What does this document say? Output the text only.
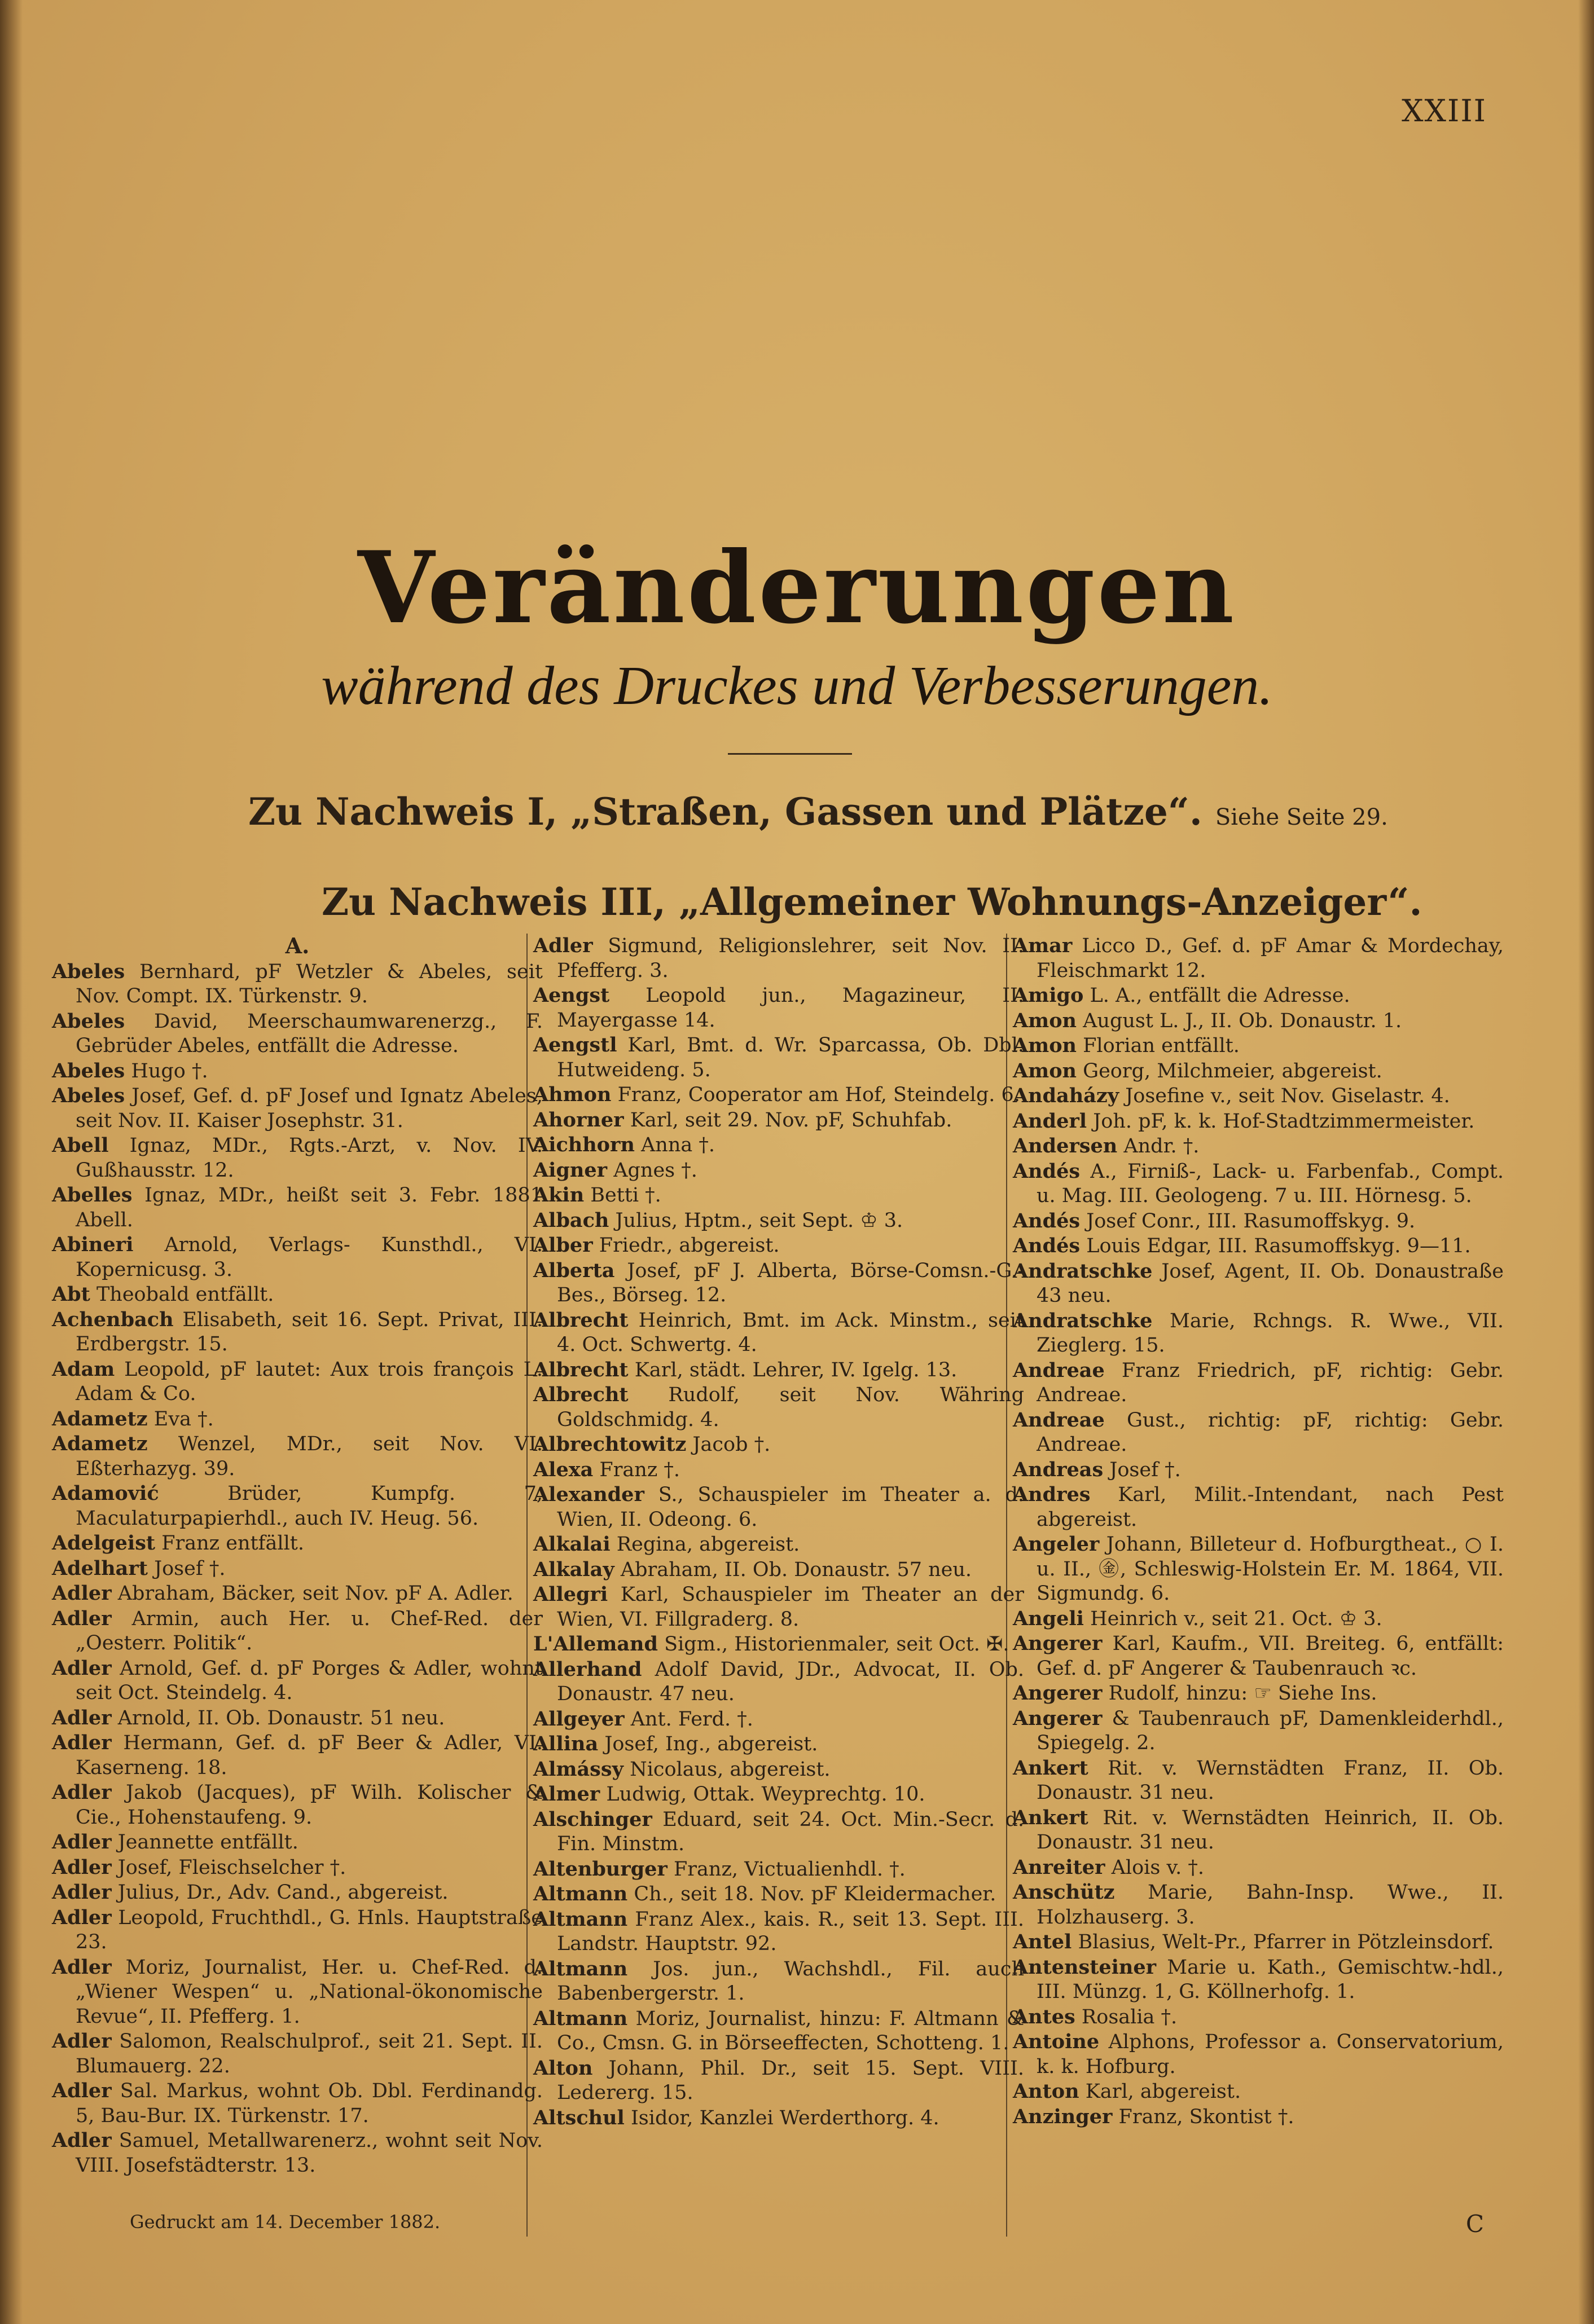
XXIII
Veränderungen
während des Druckes und Verbesserungen.
Zu Nachweis I, „Straßen, Gassen und Plätze“. Siehe Seite 29.
Zu Nachweis III, „Allgemeiner Wohnungs-Anzeiger“.
A.
Abeles Bernhard, pF Wetzler & Abeles, seit Nov. Compt. IX. Türkenstr. 9.
Abeles David, Meerschaumwarenerzg., F. Gebrüder Abeles, entfällt die Adresse.
Abeles Hugo †.
Abeles Josef, Gef. d. pF Josef und Ignatz Abeles, seit Nov. II. Kaiser Josephstr. 31.
Abell Ignaz, MDr., Rgts.-Arzt, v. Nov. IV. Gußhausstr. 12.
Abelles Ignaz, MDr., heißt seit 3. Febr. 1881 Abell.
Abineri Arnold, Verlags- Kunsthdl., VI. Kopernicusg. 3.
Abt Theobald entfällt.
Achenbach Elisabeth, seit 16. Sept. Privat, III. Erdbergstr. 15.
Adam Leopold, pF lautet: Aux trois françois L. Adam & Co.
Adametz Eva †.
Adametz Wenzel, MDr., seit Nov. VI. Eßterhazyg. 39.
Adamović	Brüder, Kumpfg. 7, Maculaturpapierhdl., auch IV. Heug. 56.
Adelgeist Franz entfällt.
Adelhart Josef †.
Adler Abraham, Bäcker, seit Nov. pF A. Adler.
Adler Armin, auch Her. u. Chef-Red. der „Oesterr. Politik“.
Adler Arnold, Gef. d. pF Porges & Adler, wohnt seit Oct. Steindelg. 4.
Adler Arnold, II. Ob. Donaustr. 51 neu.
Adler Hermann, Gef. d. pF Beer & Adler, VI. Kaserneng. 18.
Adler Jakob (Jacques), pF Wilh. Kolischer & Cie., Hohenstaufeng. 9.
Adler Jeannette entfällt.
Adler Josef, Fleischselcher †.
Adler Julius, Dr., Adv. Cand., abgereist.
Adler Leopold, Fruchthdl., G. Hnls. Hauptstraße 23.
Adler Moriz, Journalist, Her. u. Chef-Red. d. „Wiener Wespen“ u. „National-ökonomische Revue“, II. Pfefferg. 1.
Adler Salomon, Realschulprof., seit 21. Sept. II. Blumauerg. 22.
Adler Sal. Markus, wohnt Ob. Dbl. Ferdinandg. 5, Bau-Bur. IX. Türkenstr. 17.
Adler Samuel, Metallwarenerz., wohnt seit Nov. VIII. Josefstädterstr. 13.
Adler Sigmund, Religionslehrer, seit Nov. II. Pfefferg. 3.
Aengst Leopold jun., Magazineur, II. Mayergasse 14.
Aengstl Karl, Bmt. d. Wr. Sparcassa, Ob. Dbl. Hutweideng. 5.
Ahmon Franz, Cooperator am Hof, Steindelg. 6.
Ahorner Karl, seit 29. Nov. pF, Schuhfab.
Aichhorn Anna †.
Aigner Agnes †.
Akin Betti †.
Albach Julius, Hptm., seit Sept. ♔ 3.
Alber Friedr., abgereist.
Alberta Josef, pF J. Alberta, Börse-Comsn.-G.-Bes., Börseg. 12.
Albrecht Heinrich, Bmt. im Ack. Minstm., seit 4. Oct. Schwertg. 4.
Albrecht Karl, städt. Lehrer, IV. Igelg. 13.
Albrecht Rudolf, seit Nov. Währing Goldschmidg. 4.
Albrechtowitz Jacob †.
Alexa Franz †.
Alexander S., Schauspieler im Theater a. d. Wien, II. Odeong. 6.
Alkalai Regina, abgereist.
Alkalay Abraham, II. Ob. Donaustr. 57 neu.
Allegri Karl, Schauspieler im Theater an der Wien, VI. Fillgraderg. 8.
L'Allemand Sigm., Historienmaler, seit Oct. ✠.
Allerhand Adolf David, JDr., Advocat, II. Ob. Donaustr. 47 neu.
Allgeyer Ant. Ferd. †.
Allina Josef, Ing., abgereist.
Almássy Nicolaus, abgereist.
Almer Ludwig, Ottak. Weyprechtg. 10.
Alschinger Eduard, seit 24. Oct. Min.-Secr. d. Fin. Minstm.
Altenburger Franz, Victualienhdl. †.
Altmann Ch., seit 18. Nov. pF Kleidermacher.
Altmann Franz Alex., kais. R., seit 13. Sept. III. Landstr. Hauptstr. 92.
Altmann Jos. jun., Wachshdl., Fil. auch Babenbergerstr. 1.
Altmann Moriz, Journalist, hinzu: F. Altmann & Co., Cmsn. G. in Börseeffecten, Schotteng. 1.
Alton Johann, Phil. Dr., seit 15. Sept. VIII. Ledererg. 15.
Altschul Isidor, Kanzlei Werderthorg. 4.
Amar Licco D., Gef. d. pF Amar & Mordechay, Fleischmarkt 12.
Amigo L. A., entfällt die Adresse.
Amon August L. J., II. Ob. Donaustr. 1.
Amon Florian entfällt.
Amon Georg, Milchmeier, abgereist.
Andaházy Josefine v., seit Nov. Giselastr. 4.
Anderl Joh. pF, k. k. Hof-Stadtzimmermeister.
Andersen Andr. †.
Andés A., Firniß-, Lack- u. Farbenfab., Compt. u. Mag. III. Geologeng. 7 u. III. Hörnesg. 5.
Andés Josef Conr., III. Rasumoffskyg. 9.
Andés Louis Edgar, III. Rasumoffskyg. 9—11.
Andratschke Josef, Agent, II. Ob. Donaustraße 43 neu.
Andratschke Marie, Rchngs. R. Wwe., VII. Zieglerg. 15.
Andreae Franz Friedrich, pF, richtig: Gebr. Andreae.
Andreae Gust., richtig: pF, richtig: Gebr. Andreae.
Andreas Josef †.
Andres Karl, Milit.-Intendant, nach Pest abgereist.
Angeler Johann, Billeteur d. Hofburgtheat., ○ I. u. II., ㊎, Schleswig-Holstein Er. M. 1864, VII. Sigmundg. 6.
Angeli Heinrich v., seit 21. Oct. ♔ 3.
Angerer Karl, Kaufm., VII. Breiteg. 6, entfällt: Gef. d. pF Angerer & Taubenrauch ꝛc.
Angerer Rudolf, hinzu: ☞ Siehe Ins.
Angerer & Taubenrauch pF, Damenkleiderhdl., Spiegelg. 2.
Ankert Rit. v. Wernstädten Franz, II. Ob. Donaustr. 31 neu.
Ankert Rit. v. Wernstädten Heinrich, II. Ob. Donaustr. 31 neu.
Anreiter Alois v. †.
Anschütz Marie, Bahn-Insp. Wwe., II. Holzhauserg. 3.
Antel Blasius, Welt-Pr., Pfarrer in Pötzleinsdorf.
Antensteiner Marie u. Kath., Gemischtw.-hdl., III. Münzg. 1, G. Köllnerhofg. 1.
Antes Rosalia †.
Antoine Alphons, Professor a. Conservatorium, k. k. Hofburg.
Anton Karl, abgereist.
Anzinger Franz, Skontist †.
Gedruckt am 14. December 1882.	C
